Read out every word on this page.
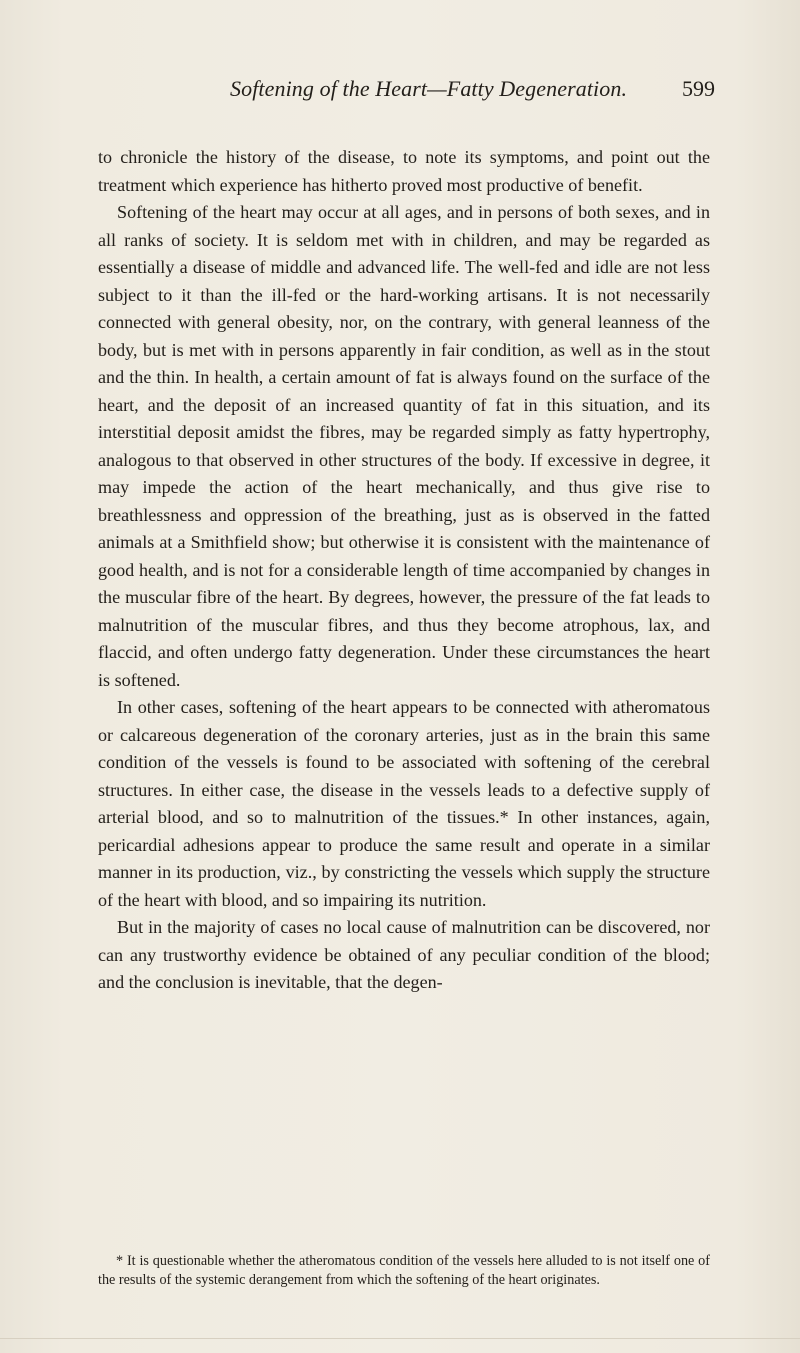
Softening of the Heart—Fatty Degeneration. 599

to chronicle the history of the disease, to note its symptoms, and point out the treatment which experience has hitherto proved most productive of benefit.

Softening of the heart may occur at all ages, and in persons of both sexes, and in all ranks of society. It is seldom met with in children, and may be regarded as essentially a disease of middle and advanced life. The well-fed and idle are not less subject to it than the ill-fed or the hard-working artisans. It is not necessarily connected with general obesity, nor, on the contrary, with general leanness of the body, but is met with in persons apparently in fair condition, as well as in the stout and the thin. In health, a certain amount of fat is always found on the surface of the heart, and the deposit of an increased quantity of fat in this situation, and its interstitial deposit amidst the fibres, may be regarded simply as fatty hypertrophy, analogous to that observed in other structures of the body. If excessive in degree, it may impede the action of the heart mechanically, and thus give rise to breathlessness and oppression of the breathing, just as is observed in the fatted animals at a Smithfield show; but otherwise it is consistent with the maintenance of good health, and is not for a considerable length of time accompanied by changes in the muscular fibre of the heart. By degrees, however, the pressure of the fat leads to malnutrition of the muscular fibres, and thus they become atrophous, lax, and flaccid, and often undergo fatty degeneration. Under these circumstances the heart is softened.

In other cases, softening of the heart appears to be connected with atheromatous or calcareous degeneration of the coronary arteries, just as in the brain this same condition of the vessels is found to be associated with softening of the cerebral structures. In either case, the disease in the vessels leads to a defective supply of arterial blood, and so to malnutrition of the tissues.* In other instances, again, pericardial adhesions appear to produce the same result and operate in a similar manner in its production, viz., by constricting the vessels which supply the structure of the heart with blood, and so impairing its nutrition.

But in the majority of cases no local cause of malnutrition can be discovered, nor can any trustworthy evidence be obtained of any peculiar condition of the blood; and the conclusion is inevitable, that the degen-

* It is questionable whether the atheromatous condition of the vessels here alluded to is not itself one of the results of the systemic derangement from which the softening of the heart originates.
